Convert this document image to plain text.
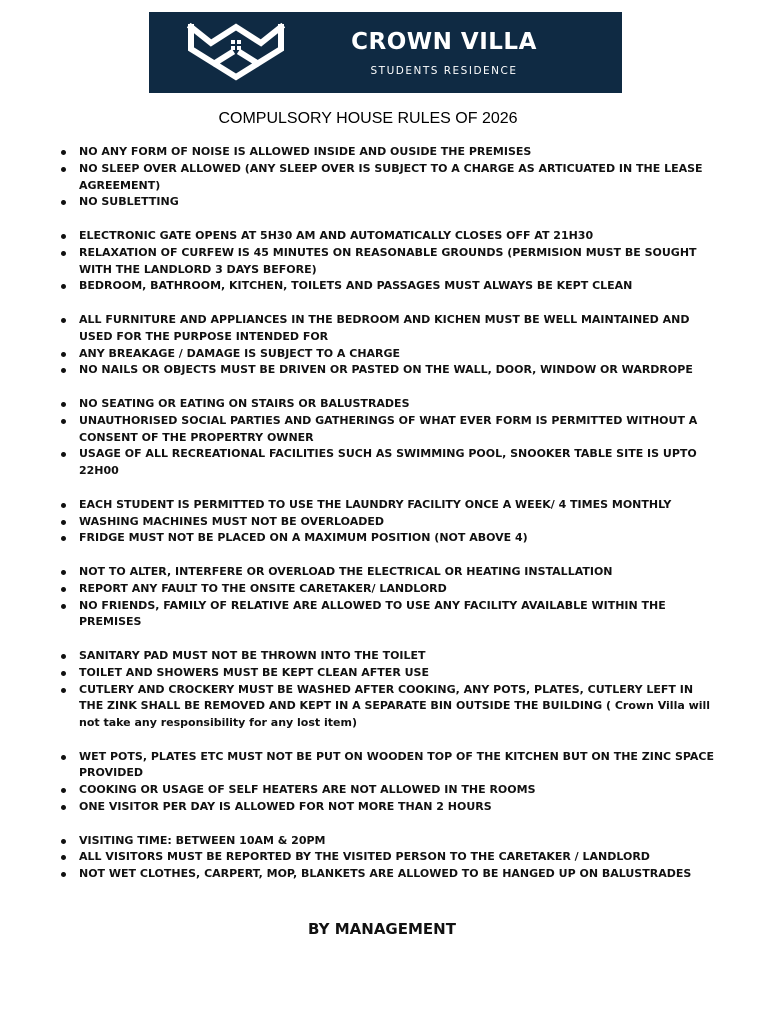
CROWN VILLA
STUDENTS RESIDENCE
COMPULSORY HOUSE RULES OF 2026
NO ANY FORM OF NOISE IS ALLOWED INSIDE AND OUSIDE THE PREMISES
NO SLEEP OVER ALLOWED (ANY SLEEP OVER IS SUBJECT TO A CHARGE AS ARTICUATED IN THE LEASE AGREEMENT)
NO SUBLETTING
ELECTRONIC GATE OPENS AT 5H30 AM AND AUTOMATICALLY CLOSES OFF AT 21H30
RELAXATION OF CURFEW IS 45 MINUTES ON REASONABLE GROUNDS (PERMISION MUST BE SOUGHT WITH THE LANDLORD 3 DAYS BEFORE)
BEDROOM, BATHROOM, KITCHEN, TOILETS AND PASSAGES MUST ALWAYS BE KEPT CLEAN
ALL FURNITURE AND APPLIANCES IN THE BEDROOM AND KICHEN MUST BE WELL MAINTAINED AND USED FOR THE PURPOSE INTENDED FOR
ANY BREAKAGE / DAMAGE IS SUBJECT TO A CHARGE
NO NAILS OR OBJECTS MUST BE DRIVEN OR PASTED ON THE WALL, DOOR, WINDOW OR WARDROPE
NO SEATING OR EATING ON STAIRS OR BALUSTRADES
UNAUTHORISED SOCIAL PARTIES AND GATHERINGS OF WHAT EVER FORM IS PERMITTED WITHOUT A CONSENT OF THE PROPERTRY OWNER
USAGE OF ALL RECREATIONAL FACILITIES SUCH AS SWIMMING POOL, SNOOKER TABLE SITE IS UPTO 22H00
EACH STUDENT IS PERMITTED TO USE THE LAUNDRY FACILITY ONCE A WEEK/ 4 TIMES MONTHLY
WASHING MACHINES MUST NOT BE OVERLOADED
FRIDGE MUST NOT BE PLACED ON A MAXIMUM POSITION (NOT ABOVE 4)
NOT TO ALTER, INTERFERE OR OVERLOAD THE ELECTRICAL OR HEATING INSTALLATION
REPORT ANY FAULT TO THE ONSITE CARETAKER/ LANDLORD
NO FRIENDS, FAMILY OF RELATIVE ARE ALLOWED TO USE ANY FACILITY AVAILABLE WITHIN THE PREMISES
SANITARY PAD MUST NOT BE THROWN INTO THE TOILET
TOILET AND SHOWERS MUST BE KEPT CLEAN AFTER USE
CUTLERY AND CROCKERY MUST BE WASHED AFTER COOKING, ANY POTS, PLATES, CUTLERY LEFT IN THE ZINK SHALL BE REMOVED AND KEPT IN A SEPARATE BIN OUTSIDE THE BUILDING ( Crown Villa will not take any responsibility for any lost item)
WET POTS, PLATES ETC MUST NOT BE PUT ON WOODEN TOP OF THE KITCHEN BUT ON THE ZINC SPACE PROVIDED
COOKING OR USAGE OF SELF HEATERS ARE NOT ALLOWED IN THE ROOMS
ONE VISITOR PER DAY IS ALLOWED FOR NOT MORE THAN 2 HOURS
VISITING TIME: BETWEEN 10AM & 20PM
ALL VISITORS MUST BE REPORTED BY THE VISITED PERSON TO THE CARETAKER / LANDLORD
NOT WET CLOTHES, CARPERT, MOP, BLANKETS ARE ALLOWED TO BE HANGED UP ON BALUSTRADES
BY MANAGEMENT
